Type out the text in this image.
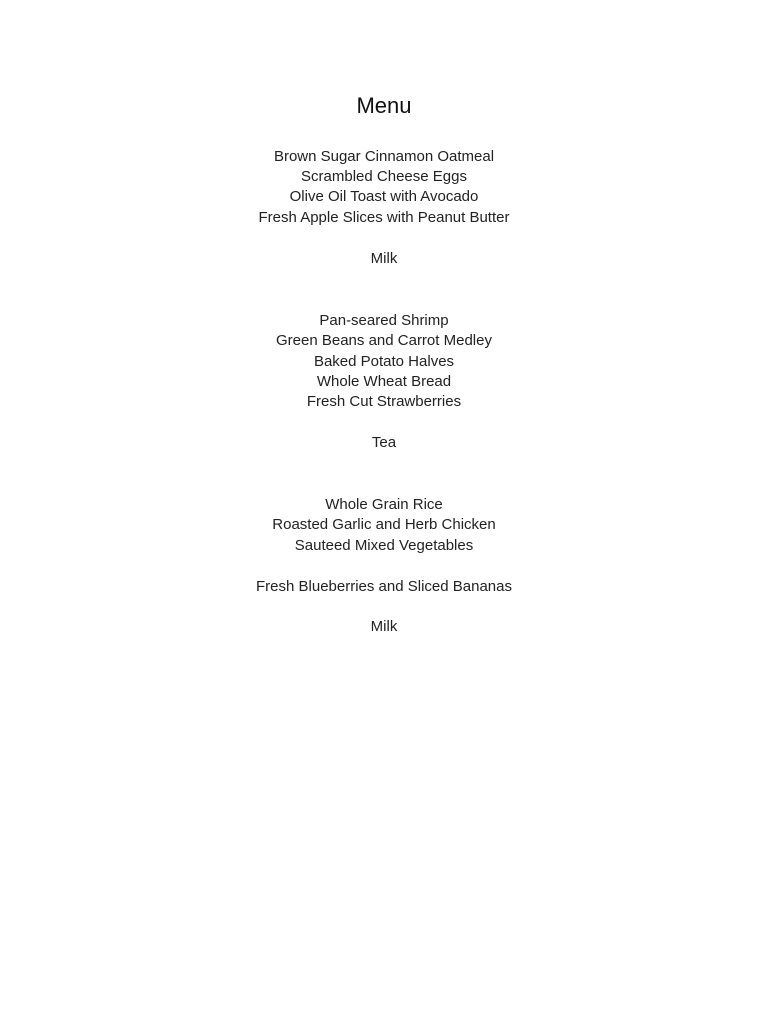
Menu
Brown Sugar Cinnamon Oatmeal
Scrambled Cheese Eggs
Olive Oil Toast with Avocado
Fresh Apple Slices with Peanut Butter
Milk
Pan-seared Shrimp
Green Beans and Carrot Medley
Baked Potato Halves
Whole Wheat Bread
Fresh Cut Strawberries
Tea
Whole Grain Rice
Roasted Garlic and Herb Chicken
Sauteed Mixed Vegetables
Fresh Blueberries and Sliced Bananas
Milk
